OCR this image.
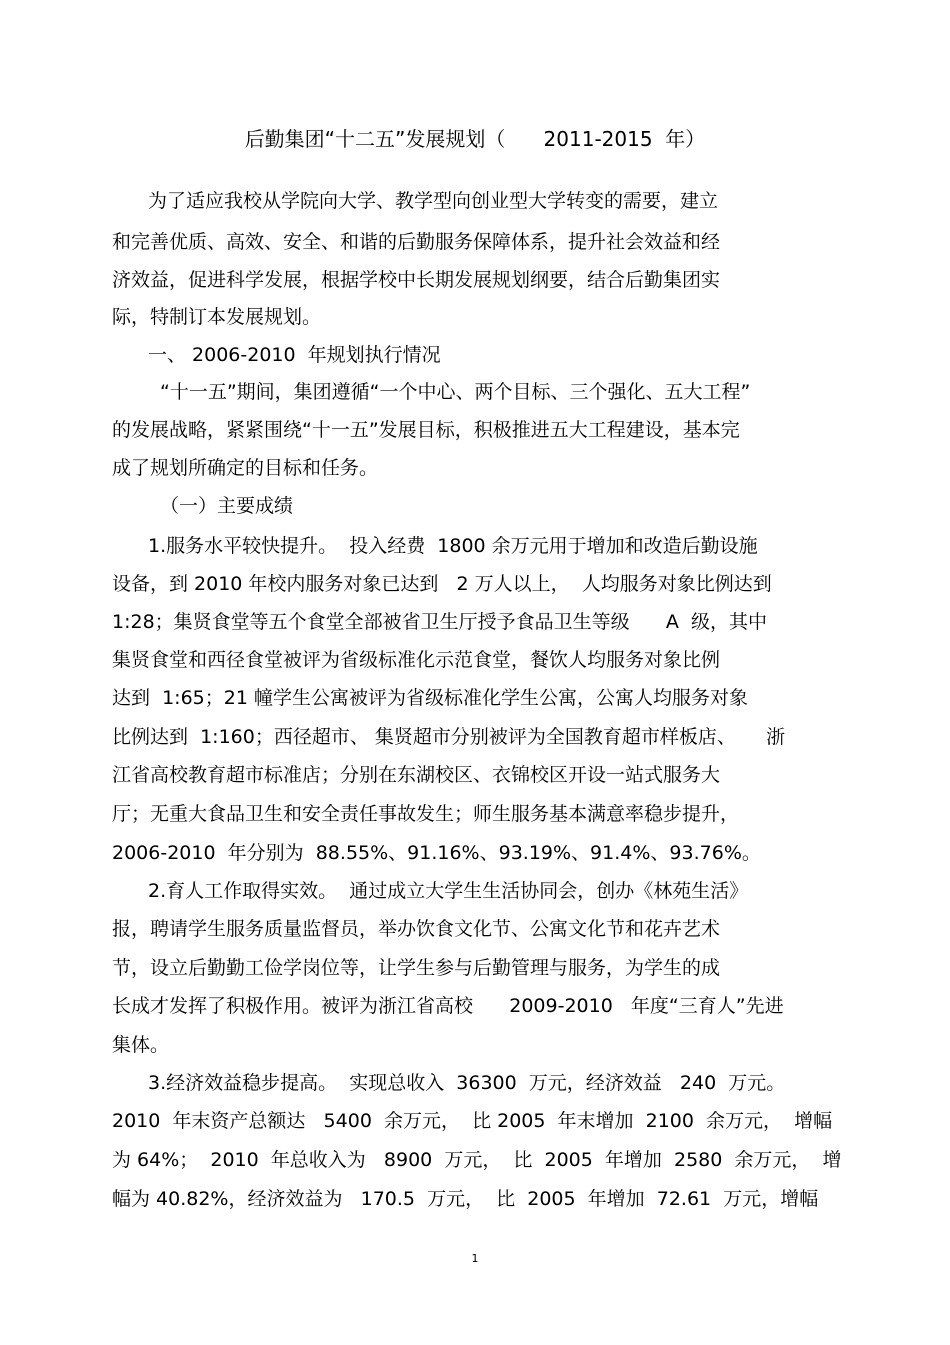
后勤集团“十二五”发展规划（      2011-2015  年）
为了适应我校从学院向大学、教学型向创业型大学转变的需要，建立
和完善优质、高效、安全、和谐的后勤服务保障体系，提升社会效益和经
济效益，促进科学发展，根据学校中长期发展规划纲要，结合后勤集团实
际，特制订本发展规划。
一、 2006-2010  年规划执行情况
“十一五”期间，集团遵循“一个中心、两个目标、三个强化、五大工程”
的发展战略，紧紧围绕“十一五”发展目标，积极推进五大工程建设，基本完
成了规划所确定的目标和任务。
（一）主要成绩
1.服务水平较快提升。  投入经费  1800 余万元用于增加和改造后勤设施
设备，到 2010 年校内服务对象已达到   2 万人以上，  人均服务对象比例达到
1:28；集贤食堂等五个食堂全部被省卫生厅授予食品卫生等级      A  级，其中
集贤食堂和西径食堂被评为省级标准化示范食堂，餐饮人均服务对象比例
达到  1:65；21 幢学生公寓被评为省级标准化学生公寓，公寓人均服务对象
比例达到  1:160；西径超市、 集贤超市分别被评为全国教育超市样板店、     浙
江省高校教育超市标准店；分别在东湖校区、衣锦校区开设一站式服务大
厅；无重大食品卫生和安全责任事故发生；师生服务基本满意率稳步提升，
2006-2010  年分别为  88.55%、91.16%、93.19%、91.4%、93.76%。
2.育人工作取得实效。  通过成立大学生生活协同会，创办《林苑生活》
报，聘请学生服务质量监督员，举办饮食文化节、公寓文化节和花卉艺术
节，设立后勤勤工俭学岗位等，让学生参与后勤管理与服务，为学生的成
长成才发挥了积极作用。被评为浙江省高校      2009-2010   年度“三育人”先进
集体。
3.经济效益稳步提高。  实现总收入  36300  万元，经济效益   240  万元。
2010  年末资产总额达   5400  余万元，  比 2005  年末增加  2100  余万元，  增幅
为 64%；  2010  年总收入为   8900  万元，  比  2005  年增加  2580  余万元，  增
幅为 40.82%，经济效益为   170.5  万元，  比  2005  年增加  72.61  万元，增幅
1
